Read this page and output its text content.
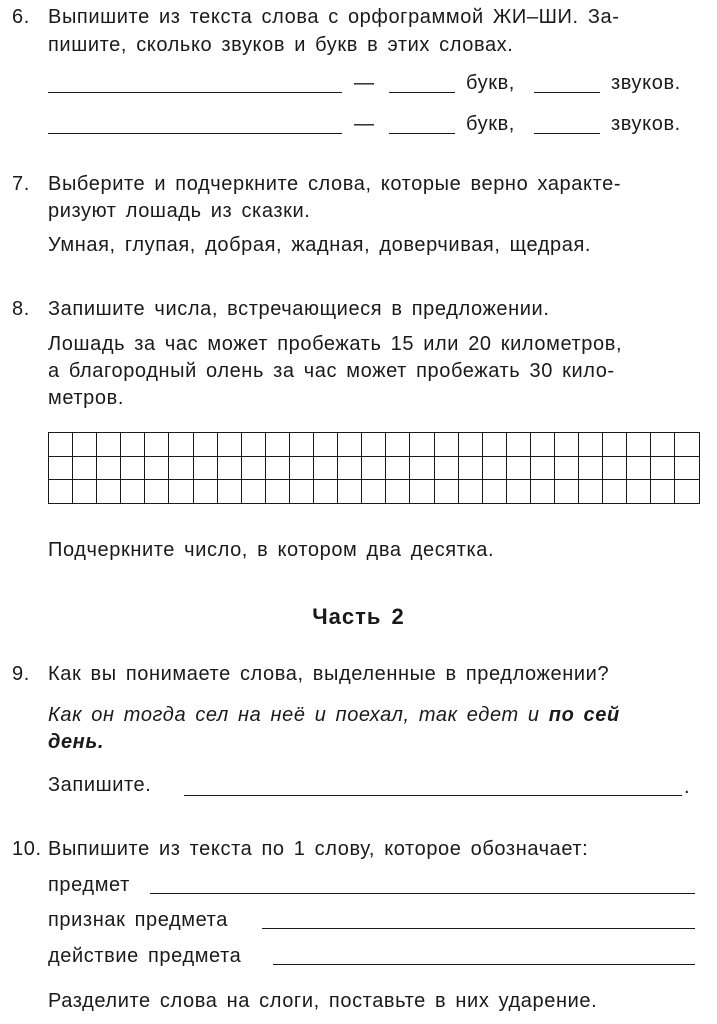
6. Выпишите из текста слова с орфограммой ЖИ–ШИ. За-
пишите, сколько звуков и букв в этих словах.
—	букв,	звуков.
—	букв,	звуков.
7. Выберите и подчеркните слова, которые верно характе-
ризуют лошадь из сказки.
Умная, глупая, добрая, жадная, доверчивая, щедрая.
8. Запишите числа, встречающиеся в предложении.
Лошадь за час может пробежать 15 или 20 километров,
а благородный олень за час может пробежать 30 кило-
метров.

Подчеркните число, в котором два десятка.
Часть 2
9. Как вы понимаете слова, выделенные в предложении?
Как он тогда сел на неё и поехал, так едет и по сей
день.
Запишите.	.
10. Выпишите из текста по 1 слову, которое обозначает:
предмет
признак предмета
действие предмета
Разделите слова на слоги, поставьте в них ударение.
